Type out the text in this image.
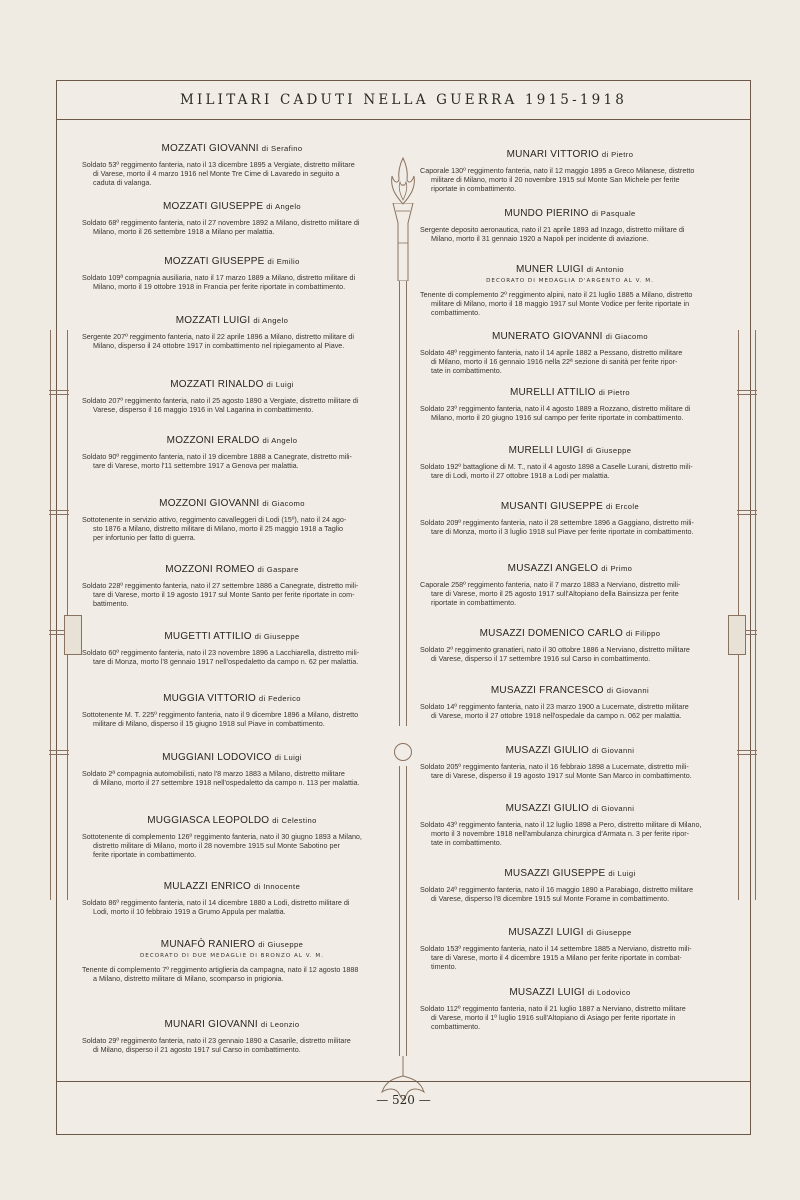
MILITARI CADUTI NELLA GUERRA 1915-1918
MOZZATI GIOVANNI di Serafino
Soldato 53º reggimento fanteria, nato il 13 dicembre 1895 a Vergiate, distretto militare
di Varese, morto il 4 marzo 1916 nel Monte Tre Cime di Lavaredo in seguito a
caduta di valanga.
MOZZATI GIUSEPPE di Angelo
Soldato 68º reggimento fanteria, nato il 27 novembre 1892 a Milano, distretto militare di
Milano, morto il 26 settembre 1918 a Milano per malattia.
MOZZATI GIUSEPPE di Emilio
Soldato 109ª compagnia ausiliaria, nato il 17 marzo 1889 a Milano, distretto militare di
Milano, morto il 19 ottobre 1918 in Francia per ferite riportate in combattimento.
MOZZATI LUIGI di Angelo
Sergente 207º reggimento fanteria, nato il 22 aprile 1896 a Milano, distretto militare di
Milano, disperso il 24 ottobre 1917 in combattimento nel ripiegamento al Piave.
MOZZATI RINALDO di Luigi
Soldato 207º reggimento fanteria, nato il 25 agosto 1890 a Vergiate, distretto militare di
Varese, disperso il 16 maggio 1916 in Val Lagarina in combattimento.
MOZZONI ERALDO di Angelo
Soldato 90º reggimento fanteria, nato il 19 dicembre 1888 a Canegrate, distretto mili-
tare di Varese, morto l'11 settembre 1917 a Genova per malattia.
MOZZONI GIOVANNI di Giacomo
Sottotenente in servizio attivo, reggimento cavalleggeri di Lodi (15º), nato il 24 ago-
sto 1876 a Milano, distretto militare di Milano, morto il 25 maggio 1918 a Taglio
per infortunio per fatto di guerra.
MOZZONI ROMEO di Gaspare
Soldato 228º reggimento fanteria, nato il 27 settembre 1886 a Canegrate, distretto mili-
tare di Varese, morto il 19 agosto 1917 sul Monte Santo per ferite riportate in com-
battimento.
MUGETTI ATTILIO di Giuseppe
Soldato 60º reggimento fanteria, nato il 23 novembre 1896 a Lacchiarella, distretto mili-
tare di Monza, morto l'8 gennaio 1917 nell'ospedaletto da campo n. 62 per malattia.
MUGGIA VITTORIO di Federico
Sottotenente M. T. 225º reggimento fanteria, nato il 9 dicembre 1896 a Milano, distretto
militare di Milano, disperso il 15 giugno 1918 sul Piave in combattimento.
MUGGIANI LODOVICO di Luigi
Soldato 2ª compagnia automobilisti, nato l'8 marzo 1883 a Milano, distretto militare
di Milano, morto il 27 settembre 1918 nell'ospedaletto da campo n. 113 per malattia.
MUGGIASCA LEOPOLDO di Celestino
Sottotenente di complemento 126º reggimento fanteria, nato il 30 giugno 1893 a Milano,
distretto militare di Milano, morto il 28 novembre 1915 sul Monte Sabotino per
ferite riportate in combattimento.
MULAZZI ENRICO di Innocente
Soldato 86º reggimento fanteria, nato il 14 dicembre 1880 a Lodi, distretto militare di
Lodi, morto il 10 febbraio 1919 a Grumo Appula per malattia.
MUNAFÒ RANIERO di Giuseppe
DECORATO DI DUE MEDAGLIE DI BRONZO AL V. M.
Tenente di complemento 7º reggimento artiglieria da campagna, nato il 12 agosto 1888
a Milano, distretto militare di Milano, scomparso in prigionia.
MUNARI GIOVANNI di Leonzio
Soldato 29º reggimento fanteria, nato il 23 gennaio 1890 a Casarile, distretto militare
di Milano, disperso il 21 agosto 1917 sul Carso in combattimento.
MUNARI VITTORIO di Pietro
Caporale 130º reggimento fanteria, nato il 12 maggio 1895 a Greco Milanese, distretto
militare di Milano, morto il 20 novembre 1915 sul Monte San Michele per ferite
riportate in combattimento.
MUNDO PIERINO di Pasquale
Sergente deposito aeronautica, nato il 21 aprile 1893 ad Inzago, distretto militare di
Milano, morto il 31 gennaio 1920 a Napoli per incidente di aviazione.
MUNER LUIGI di Antonio
DECORATO DI MEDAGLIA D'ARGENTO AL V. M.
Tenente di complemento 2º reggimento alpini, nato il 21 luglio 1885 a Milano, distretto
militare di Milano, morto il 18 maggio 1917 sul Monte Vodice per ferite riportate in
combattimento.
MUNERATO GIOVANNI di Giacomo
Soldato 48º reggimento fanteria, nato il 14 aprile 1882 a Pessano, distretto militare
di Milano, morto il 16 gennaio 1916 nella 22ª sezione di sanità per ferite ripor-
tate in combattimento.
MURELLI ATTILIO di Pietro
Soldato 23º reggimento fanteria, nato il 4 agosto 1889 a Rozzano, distretto militare di
Milano, morto il 20 giugno 1916 sul campo per ferite riportate in combattimento.
MURELLI LUIGI di Giuseppe
Soldato 192º battaglione di M. T., nato il 4 agosto 1898 a Caselle Lurani, distretto mili-
tare di Lodi, morto il 27 ottobre 1918 a Lodi per malattia.
MUSANTI GIUSEPPE di Ercole
Soldato 209º reggimento fanteria, nato il 28 settembre 1896 a Gaggiano, distretto mili-
tare di Monza, morto il 3 luglio 1918 sul Piave per ferite riportate in combattimento.
MUSAZZI ANGELO di Primo
Caporale 258º reggimento fanteria, nato il 7 marzo 1883 a Nerviano, distretto mili-
tare di Varese, morto il 25 agosto 1917 sull'Altopiano della Bainsizza per ferite
riportate in combattimento.
MUSAZZI DOMENICO CARLO di Filippo
Soldato 2º reggimento granatieri, nato il 30 ottobre 1886 a Nerviano, distretto militare
di Varese, disperso il 17 settembre 1916 sul Carso in combattimento.
MUSAZZI FRANCESCO di Giovanni
Soldato 14º reggimento fanteria, nato il 23 marzo 1900 a Lucernate, distretto militare
di Varese, morto il 27 ottobre 1918 nell'ospedale da campo n. 062 per malattia.
MUSAZZI GIULIO di Giovanni
Soldato 205º reggimento fanteria, nato il 16 febbraio 1898 a Lucernate, distretto mili-
tare di Varese, disperso il 19 agosto 1917 sul Monte San Marco in combattimento.
MUSAZZI GIULIO di Giovanni
Soldato 43º reggimento fanteria, nato il 12 luglio 1898 a Pero, distretto militare di Milano,
morto il 3 novembre 1918 nell'ambulanza chirurgica d'Armata n. 3 per ferite ripor-
tate in combattimento.
MUSAZZI GIUSEPPE di Luigi
Soldato 24º reggimento fanteria, nato il 16 maggio 1890 a Parabiago, distretto militare
di Varese, disperso l'8 dicembre 1915 sul Monte Forame in combattimento.
MUSAZZI LUIGI di Giuseppe
Soldato 153º reggimento fanteria, nato il 14 settembre 1885 a Nerviano, distretto mili-
tare di Varese, morto il 4 dicembre 1915 a Milano per ferite riportate in combat-
timento.
MUSAZZI LUIGI di Lodovico
Soldato 112º reggimento fanteria, nato il 21 luglio 1887 a Nerviano, distretto militare
di Varese, morto il 1º luglio 1916 sull'Altopiano di Asiago per ferite riportate in
combattimento.
— 520 —
